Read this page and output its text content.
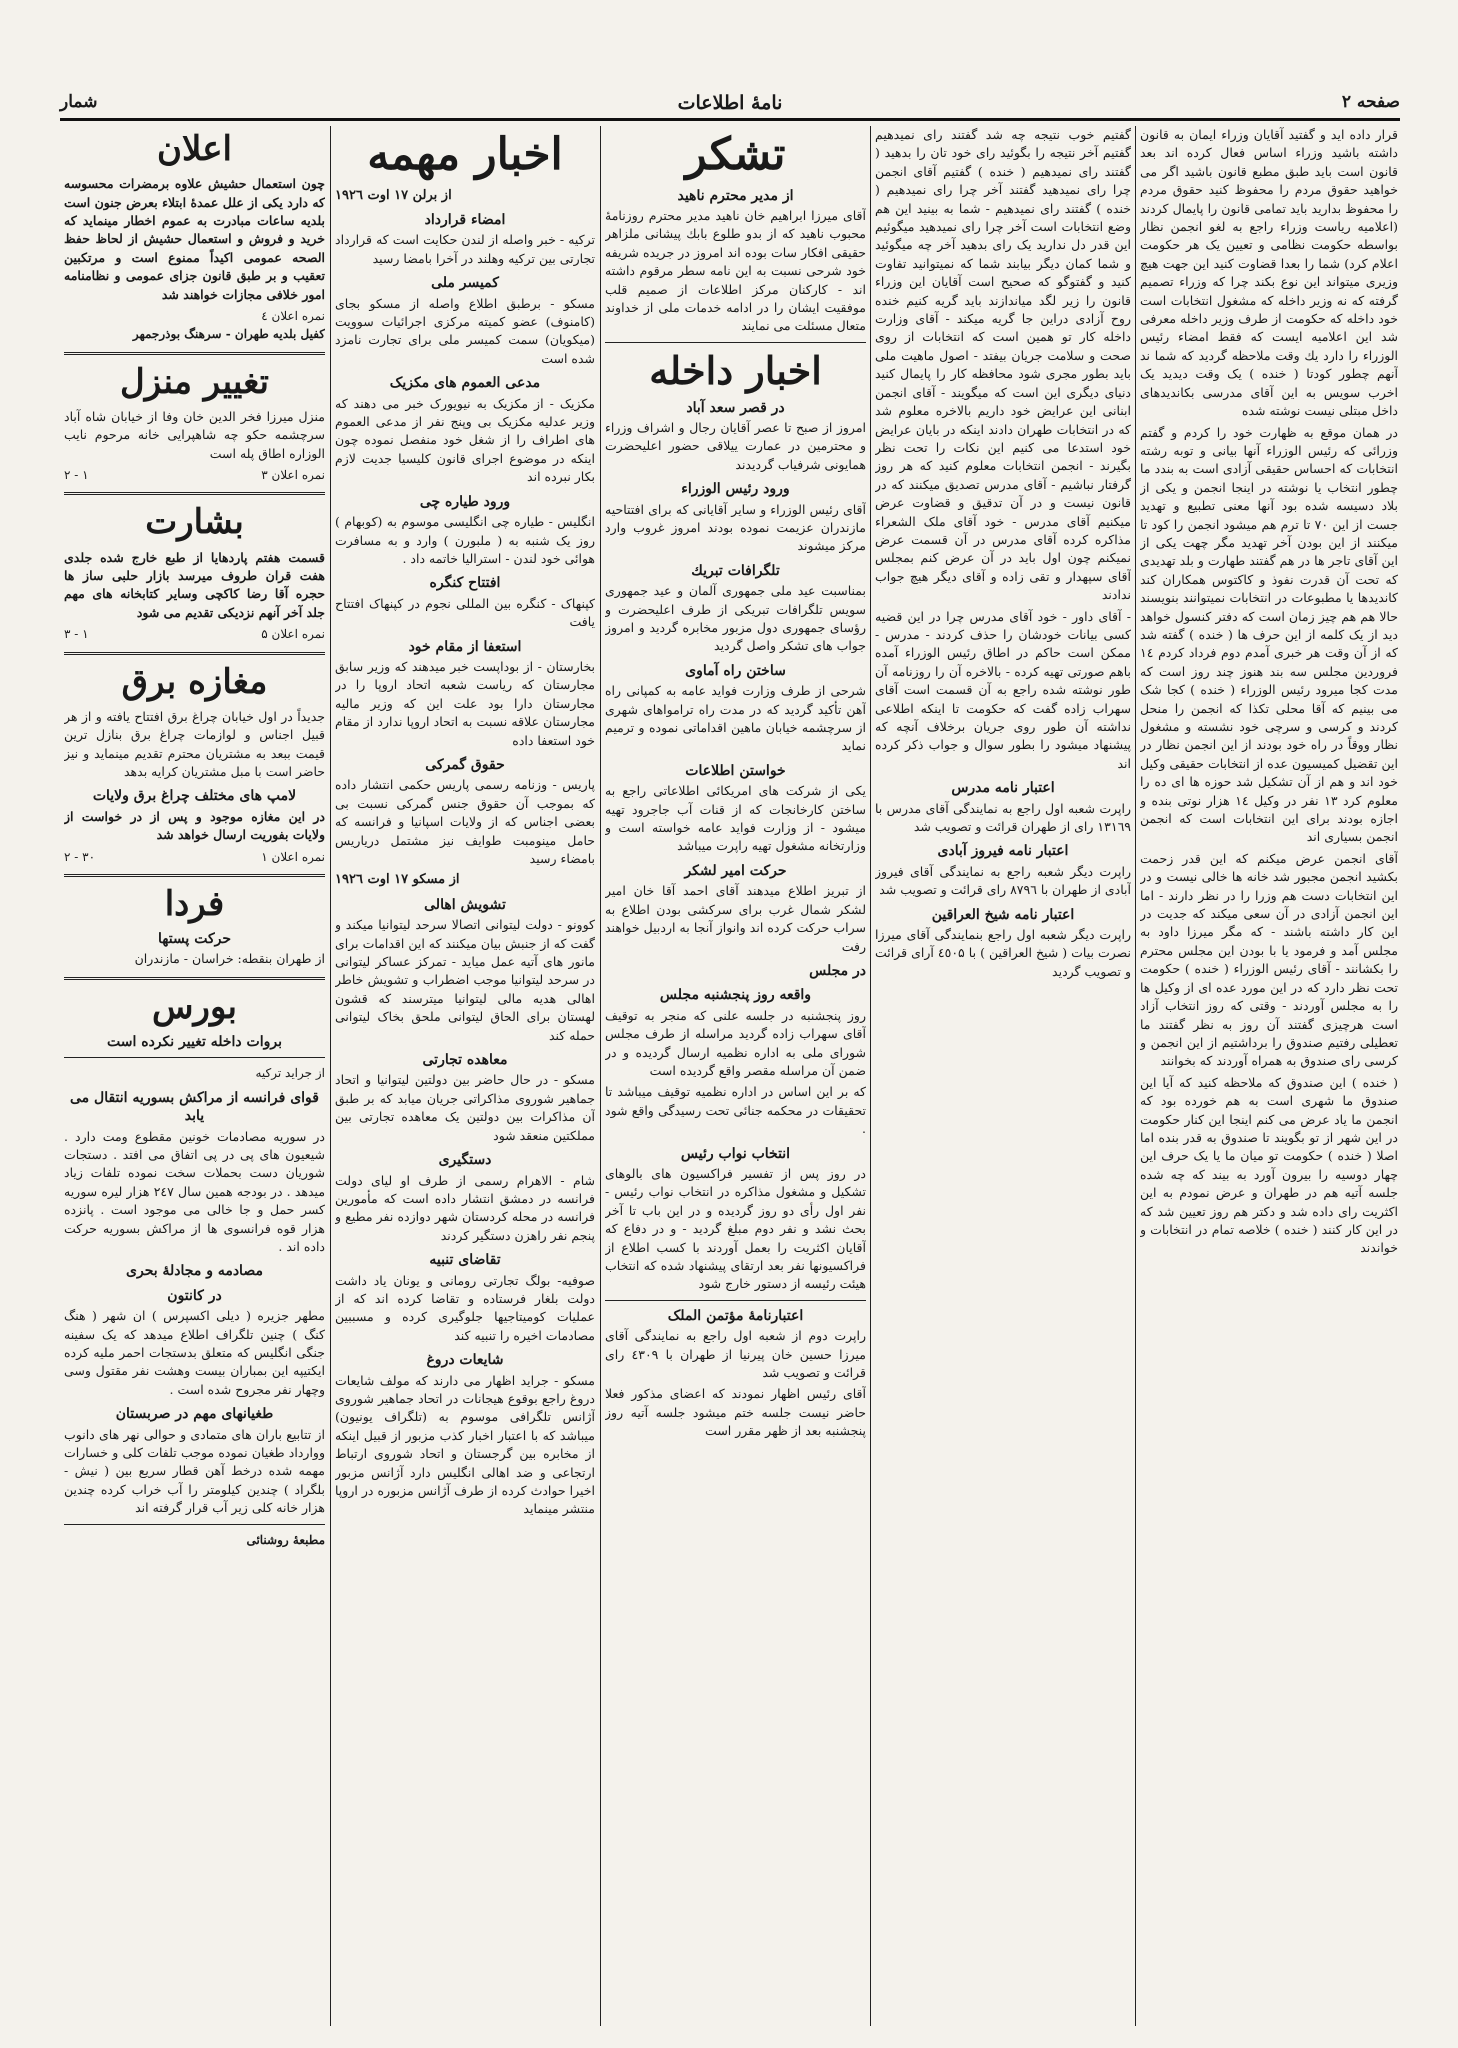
صفحه ۲
نامهٔ اطلاعات
شمار

قرار داده اید و گفتید آقایان وزراء ایمان به قانون داشته باشید وزراء اساس فعال کرده اند بعد قانون است باید طبق مطبع قانون باشید اگر می خواهید حقوق مردم را محفوظ کنید حقوق مردم را محفوظ بدارید باید تمامی قانون را پایمال کردند (اعلامیه ریاست وزراء راجع به لغو انجمن نظار بواسطه حکومت نظامی و تعیین یک هر حکومت اعلام کرد) شما را بعدا قضاوت کنید این جهت هیچ وزیری میتواند این نوع بکند چرا که وزراء تصمیم گرفته که نه وزیر داخله که مشغول انتخابات است خود داخله که حکومت از طرف وزیر داخله معرفی شد این اعلامیه ایست که فقط امضاء رئیس الوزراء را دارد یك وقت ملاحظه گردید که شما ند آنهم چطور کودتا ( خنده ) یک وقت دیدید یک اخرب سویس به این آقای مدرسی بکاندیدهای داخل مبتلی نیست نوشته شده

در همان موقع به ظهارت خود را کردم و گفتم وزرائی که رئیس الوزراء آنها بیانی و توبه رشته انتخابات که احساس حقیقی آزادی است به بندد ما چطور انتخاب یا نوشته در اینجا انجمن و یکی از بلاد دسیسه شده بود آنها معنی تطبیع و تهدید جست از این ۷۰ تا ترم هم میشود انجمن را کود تا میکنند از این بودن آخر تهدید مگر چهت یکی از این آقای تاجر ها در هم گفتند طهارت و بلد تهدیدی که تحت آن قدرت نفوذ و کاکتوس همکاران کند کاندیدها یا مطبوعات در انتخابات نمیتوانند بنویسند حالا هم هم چیز زمان است که دفتر کنسول خواهد دید از یک کلمه از این حرف ها ( خنده ) گفته شد که از آن وقت هر خبری آمدم دوم فرداد کردم ۱٤ فروردین مجلس سه بند هنوز چند روز است که مدت کجا میرود رئیس الوزراء ( خنده ) کجا شک می بینیم که آقا محلی تکذا که انجمن را منحل کردند و کرسی و سرچی خود نشسته و مشغول نظار ووقاً در راه خود بودند از این انجمن نظار در این تقضیل کمیسیون عده از انتخابات حقیقی وکیل خود اند و هم از آن تشکیل شد حوزه ها ای ده را معلوم کرد ۱۳ نفر در وکیل ۱٤ هزار نوتی بنده و اجازه بودند برای این انتخابات است که انجمن انجمن بسیاری اند

آقای انجمن عرض میکنم که این قدر زحمت بکشید انجمن مجبور شد خانه ها خالی نیست و در این انتخابات دست هم وزرا را در نظر دارند - اما این انجمن آزادی در آن سعی میکند که جدیت در این کار داشته باشند - که مگر میرزا داود به مجلس آمد و فرمود یا با بودن این مجلس محترم را بکشانند - آقای رئیس الوزراء ( خنده ) حکومت تحت نظر دارد که در این مورد عده ای از وکیل ها را به مجلس آوردند - وقتی که روز انتخاب آزاد است هرچیزی گفتند آن روز به نظر گفتند ما تعطیلی رفتیم صندوق را برداشتیم از این انجمن و کرسی رای صندوق به همراه آوردند که بخوانند

( خنده ) این صندوق که ملاحظه کنید که آیا این صندوق ما شهری است به هم خورده بود که انجمن ما یاد عرض می کنم اینجا این کنار حکومت در این شهر از تو بگویند تا صندوق به قدر بنده اما اصلا ( خنده ) حکومت تو میان ما یا یک حرف این چهار دوسیه را بیرون آورد به بیند که چه شده جلسه آتیه هم در طهران و عرض نمودم به این اکثریت رای داده شد و دکتر هم روز تعیین شد که در این کار کنند ( خنده ) خلاصه تمام در انتخابات و خواندند

گفتیم خوب نتیجه چه شد گفتند رای نمیدهیم گفتیم آخر نتیجه را بگوئید رای خود تان را بدهید ( گفتند رای نمیدهیم ( خنده ) گفتیم آقای انجمن چرا رای نمیدهید گفتند آخر چرا رای نمیدهیم ( خنده ) گفتند رای نمیدهیم - شما به بینید این هم وضع انتخابات است آخر چرا رای نمیدهید میگوئیم این قدر دل ندارید یک رای بدهید آخر چه میگوئید و شما کمان دیگر بیابند شما که نمیتوانید تفاوت کنید و گفتوگو که صحیح است آقایان این وزراء قانون را زیر لگد میاندازند باید گریه کنیم خنده روح آزادی دراین جا گریه میکند - آقای وزارت داخله کار تو همین است که انتخابات از روی صحت و سلامت جریان بیفتد - اصول ماهیت ملی باید بطور مجری شود محافظه کار را پایمال کنید دنیای دیگری این است که میگویند - آقای انجمن ابنانی این عرایض خود داریم بالاخره معلوم شد که در انتخابات طهران دادند اینکه در بایان عرایض خود استدعا می کنیم این نکات را تحت نظر بگیرند - انجمن انتخابات معلوم کنید که هر روز گرفتار نباشیم - آقای مدرس تصدیق میکنند که در قانون نیست و در آن تدقیق و قضاوت عرض میکنیم آقای مدرس - خود آقای ملک الشعراء مذاکره کرده آقای مدرس در آن قسمت عرض نمیکنم چون اول باید در آن عرض کنم بمجلس آقای سپهدار و تقی زاده و آقای دیگر هیچ جواب ندادند

- آقای داور - خود آقای مدرس چرا در این قضیه کسی بیانات خودشان را حذف کردند - مدرس - ممکن است حاکم در اطاق رئیس الوزراء آمده باهم صورتی تهیه کرده - بالاخره آن را روزنامه آن طور نوشته شده راجع به آن قسمت است آقای سهراب زاده گفت که حکومت تا اینکه اطلاعی نداشته آن طور روی جریان برخلاف آنچه که پیشنهاد میشود را بطور سوال و جواب ذکر کرده اند

اعتبار نامه مدرس

راپرت شعبه اول راجع به نمایندگی آقای مدرس با ۱۳۱٦۹ رای از طهران قرائت و تصویب شد

اعتبار نامه فیروز آبادی

راپرت دیگر شعبه راجع به نمایندگی آقای فیروز آبادی از طهران با ۸۷۹٦ رای قرائت و تصویب شد

اعتبار نامه شیخ العراقین

راپرت دیگر شعبه اول راجع بنمایندگی آقای میرزا نصرت بیات ( شیخ العراقین ) با ٤٥۰۵ آرای قرائت و تصویب گردید

تشکر
از مدیر محترم ناهید

آقای میرزا ابراهیم خان ناهید مدیر محترم روزنامهٔ محبوب ناهید که از بدو طلوع بابك پیشانی ملزاهر حقیقی افکار سات بوده اند امروز در جریده شریفه خود شرحی نسبت به این نامه سطر مرقوم داشته اند - کارکنان مرکز اطلاعات از صمیم قلب موفقیت ایشان را در ادامه خدمات ملی از خداوند متعال مسئلت می نمایند

اخبار داخله
در قصر سعد آباد

امروز از صبح تا عصر آقایان رجال و اشراف وزراء و محترمین در عمارت ییلاقی حضور اعلیحضرت همایونی شرفیاب گردیدند

ورود رئیس الوزراء

آقای رئیس الوزراء و سایر آقایانی که برای افتتاحیه مازندران عزیمت نموده بودند امروز غروب وارد مرکز میشوند

تلگرافات تبریك

بمناسبت عید ملی جمهوری آلمان و عید جمهوری سویس تلگرافات تبریکی از طرف اعلیحضرت و رؤسای جمهوری دول مزبور مخابره گردید و امروز جواب های تشکر واصل گردید

ساختن راه آماوی

شرحی از طرف وزارت فواید عامه به کمپانی راه آهن تأکید گردید که در مدت راه ترامواهای شهری از سرچشمه خیابان ماهین اقداماتی نموده و ترمیم نماید

خواستن اطلاعات

یکی از شرکت های امریکائی اطلاعاتی راجع به ساختن کارخانجات که از قنات آب جاجرود تهیه میشود - از وزارت فواید عامه خواسته است و وزارتخانه مشغول تهیه راپرت میباشد

حرکت امیر لشکر

از تبریز اطلاع میدهند آقای احمد آقا خان امیر لشکر شمال غرب برای سرکشی بودن اطلاع به سراب حرکت کرده اند وانواز آنجا به اردبیل خواهند رفت

در مجلس
واقعه روز پنجشنبه مجلس

روز پنجشنبه در جلسه علنی که منجر به توقیف آقای سهراب زاده گردید مراسله از طرف مجلس شورای ملی به اداره نظمیه ارسال گردیده و در ضمن آن مراسله مقصر واقع گردیده است

که بر این اساس در اداره نظمیه توقیف میباشد تا تحقیقات در محکمه جنائی تحت رسیدگی واقع شود .

انتخاب نواب رئیس

در روز پس از تفسیر فراکسیون های بالوهای تشکیل و مشغول مذاکره در انتخاب نواب رئیس - نفر اول رأی دو روز گردیده و در این باب تا آخر بحث نشد و نفر دوم مبلغ گردید - و در دفاع که آقایان اکثریت را بعمل آوردند با کسب اطلاع از فراکسیونها نفر بعد ارتقای پیشنهاد شده که انتخاب هیئت رئیسه از دستور خارج شود

اعتبارنامهٔ مؤتمن الملک

راپرت دوم از شعبه اول راجع به نمایندگی آقای میرزا حسین خان پیرنیا از طهران با ٤۳۰۹ رای قرائت و تصویب شد

آقای رئیس اظهار نمودند که اعضای مذکور فعلا حاضر نیست جلسه ختم میشود جلسه آتیه روز پنجشنبه بعد از ظهر مقرر است

اخبار مهمه
از برلن ۱۷ اوت ۱۹۲٦
امضاء قرارداد

ترکیه - خبر واصله از لندن حکایت است که قرارداد تجارتی بین ترکیه وهلند در آخرا بامضا رسید

کمیسر ملی

مسکو - برطبق اطلاع واصله از مسکو بجای (کامنوف) عضو کمیته مرکزی اجرائیات سوویت (میکویان) سمت کمیسر ملی برای تجارت نامزد شده است

مدعی العموم های مکزیک

مکزیک - از مکزیک به نیویورک خبر می دهند که وزیر عدلیه مکزیک بی وپنج نفر از مدعی العموم های اطراف را از شغل خود منفصل نموده چون اینکه در موضوع اجرای قانون کلیسیا جدیت لازم بکار نبرده اند

ورود طیاره چی

انگلیس - طیاره چی انگلیسی موسوم به (کوبهام ) روز یک شنبه به ( ملبورن ) وارد و به مسافرت هوائی خود لندن - استرالیا خاتمه داد .

افتتاح کنگره

کپنهاک - کنگره بین المللی نجوم در کپنهاک افتتاح یافت

استعفا از مقام خود

بخارستان - از بوداپست خبر میدهند که وزیر سابق مجارستان که ریاست شعبه اتحاد اروپا را در مجارستان دارا بود علت این که وزیر مالیه مجارستان علاقه نسبت به اتحاد اروپا ندارد از مقام خود استعفا داده

حقوق گمرکی

پاریس - وزنامه رسمی پاریس حکمی انتشار داده که بموجب آن حقوق جنس گمرکی نسبت بی بعضی اجناس که از ولایات اسپانیا و فرانسه که حامل مینومبت طوایف نیز مشتمل دریاریس بامضاء رسید

از مسکو ۱۷ اوت ۱۹۲٦
تشویش اهالی

کوونو - دولت لیتوانی اتصالا سرحد لیتوانیا میکند و گفت که از جنبش بیان میکنند که این اقدامات برای مانور های آتیه عمل میاید - تمرکز عساکر لیتوانی در سرحد لیتوانیا موجب اضطراب و تشویش خاطر اهالی هدیه مالی لیتوانیا میترسند که قشون لهستان برای الحاق لیتوانی ملحق بخاک لیتوانی حمله کند

معاهده تجارتی

مسکو - در حال حاضر بین دولتین لیتوانیا و اتحاد جماهیر شوروی مذاکراتی جریان میابد که بر طبق آن مذاکرات بین دولتین یک معاهده تجارتی بین مملکتین منعقد شود

دستگیری

شام - الاهرام رسمی از طرف او لیای دولت فرانسه در دمشق انتشار داده است که مأمورین فرانسه در محله کردستان شهر دوازده نفر مطیع و پنجم نفر راهزن دستگیر کردند

تقاضای تنبیه

صوفیه- بولگ تجارتی رومانی و یونان یاد داشت دولت بلغار فرستاده و تقاضا کرده اند که از عملیات کومیتاجیها جلوگیری کرده و مسببین مصادمات اخیره را تنبیه کند

شایعات دروغ

مسکو - جراید اظهار می دارند که مولف شایعات دروغ راجع بوقوع هیجانات در اتحاد جماهیر شوروی آژانس تلگرافی موسوم به (تلگراف یونیون) میباشد که با اعتبار اخبار کذب مزبور از قبیل اینکه از مخابره بین گرجستان و اتحاد شوروی ارتباط ارتجاعی و ضد اهالی انگلیس دارد آژانس مزبور اخیرا حوادث کرده از طرف آژانس مزبوره در اروپا منتشر مینماید

اعلان

چون استعمال حشیش علاوه برمضرات محسوسه که دارد یکی از علل عمدهٔ ابتلاء بعرض جنون است بلدیه ساعات مبادرت به عموم اخطار مینماید که خرید و فروش و استعمال حشیش از لحاظ حفظ الصحه عمومی اکیداً ممنوع است و مرتکبین تعقیب و بر طبق قانون جزای عمومی و نظامنامه امور خلافی مجازات خواهند شد

نمره اعلان ٤
کفیل بلدیه طهران - سرهنگ بوذرجمهر
تغییر منزل

منزل میرزا فخر الدین خان وفا از خیابان شاه آباد سرچشمه حکو چه شاهپرایی خانه مرحوم نایب الوزاره اطاق پله است

نمره اعلان ۳
۱ - ۲
بشارت

قسمت هفتم پاردهایا از طبع خارج شده جلدی هفت قران طروف میرسد بازار حلبی ساز ها حجره آقا رضا کاکچی وسایر کتابخانه های مهم جلد آخر آنهم نزدیکی تقدیم می شود

نمره اعلان ۵
۱ - ۳
مغازه برق

جدیداً در اول خیابان چراغ برق افتتاح یافته و از هر قبیل اجناس و لوازمات چراغ برق بنازل ترین قیمت ببعد به مشتریان محترم تقدیم مینماید و نیز حاضر است با مبل مشتریان کرایه بدهد

لامپ های مختلف چراغ برق ولایات

در این مغازه موجود و پس از در خواست از ولایات بفوریت ارسال خواهد شد

نمره اعلان ۱
۳۰ - ۲
فردا
حرکت پستها

از طهران بنقطه: خراسان - مازندران

بورس
بروات داخله تغییر نکرده است
از جراید ترکیه
قوای فرانسه از مراکش بسوریه انتقال می یابد

در سوریه مصادمات خونین مقطوع ومت دارد . شیعیون های پی در پی اتفاق می افتد . دستجات شوریان دست بحملات سخت نموده تلفات زیاد میدهد . در بودجه همین سال ۲٤۷ هزار لیره سوریه کسر حمل و جا خالی می موجود است . پانزده هزار قوه فرانسوی ها از مراکش بسوریه حرکت داده اند .

مصادمه و مجادلهٔ بحری
در کانتون

مطهر جزیره ( دیلی اکسپرس ) ان شهر ( هنگ کنگ ) چنین تلگراف اطلاع میدهد که یک سفینه جنگی انگلیس که متعلق بدستجات احمر ملیه کرده ایکتیپه این بمباران بیست وهشت نفر مقتول وسی وچهار نفر مجروح شده است .

طغیانهای مهم در صربستان

از تتابیع باران های متمادی و حوالی نهر های دانوب ووارداد طغیان نموده موجب تلفات کلی و خسارات مهمه شده درخط آهن قطار سریع بین ( نیش - بلگراد ) چندین کیلومتر را آب خراب کرده چندین هزار خانه کلی زیر آب قرار گرفته اند

مطبعهٔ روشنائی
